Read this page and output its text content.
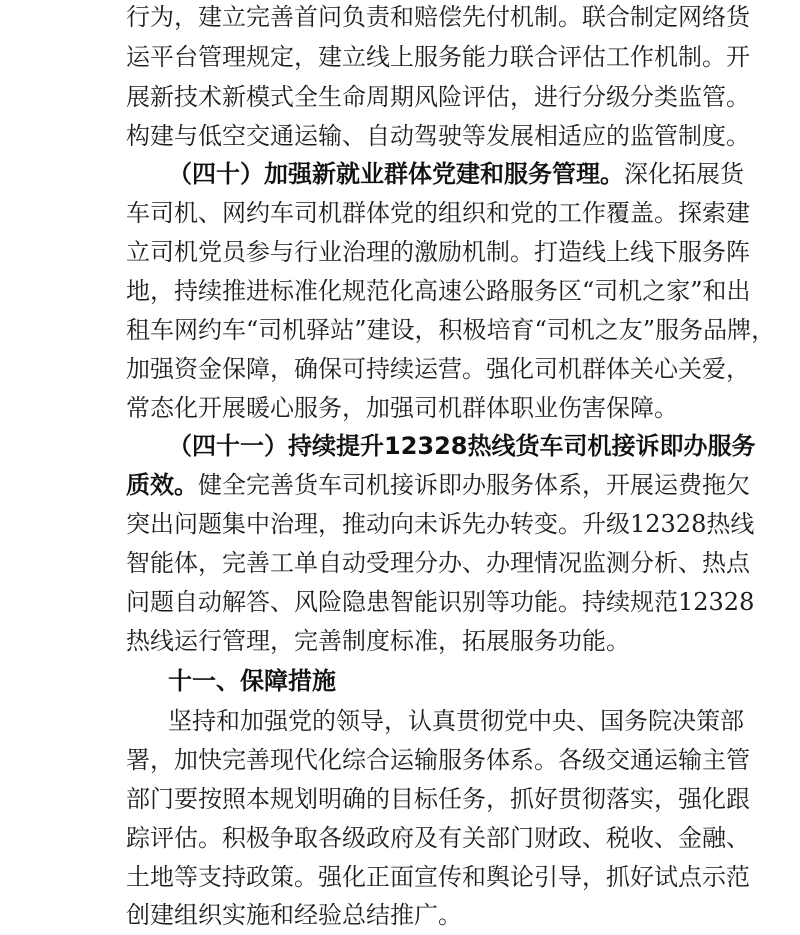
行为，建立完善首问负责和赔偿先付机制。联合制定网络货
运平台管理规定，建立线上服务能力联合评估工作机制。开
展新技术新模式全生命周期风险评估，进行分级分类监管。
构建与低空交通运输、自动驾驶等发展相适应的监管制度。
（四十）加强新就业群体党建和服务管理。深化拓展货
车司机、网约车司机群体党的组织和党的工作覆盖。探索建
立司机党员参与行业治理的激励机制。打造线上线下服务阵
地，持续推进标准化规范化高速公路服务区“司机之家”和出
租车网约车“司机驿站”建设，积极培育“司机之友”服务品牌，
加强资金保障，确保可持续运营。强化司机群体关心关爱，
常态化开展暖心服务，加强司机群体职业伤害保障。
（四十一）持续提升12328热线货车司机接诉即办服务
质效。健全完善货车司机接诉即办服务体系，开展运费拖欠
突出问题集中治理，推动向未诉先办转变。升级12328热线
智能体，完善工单自动受理分办、办理情况监测分析、热点
问题自动解答、风险隐患智能识别等功能。持续规范12328
热线运行管理，完善制度标准，拓展服务功能。
十一、保障措施
坚持和加强党的领导，认真贯彻党中央、国务院决策部
署，加快完善现代化综合运输服务体系。各级交通运输主管
部门要按照本规划明确的目标任务，抓好贯彻落实，强化跟
踪评估。积极争取各级政府及有关部门财政、税收、金融、
土地等支持政策。强化正面宣传和舆论引导，抓好试点示范
创建组织实施和经验总结推广。
